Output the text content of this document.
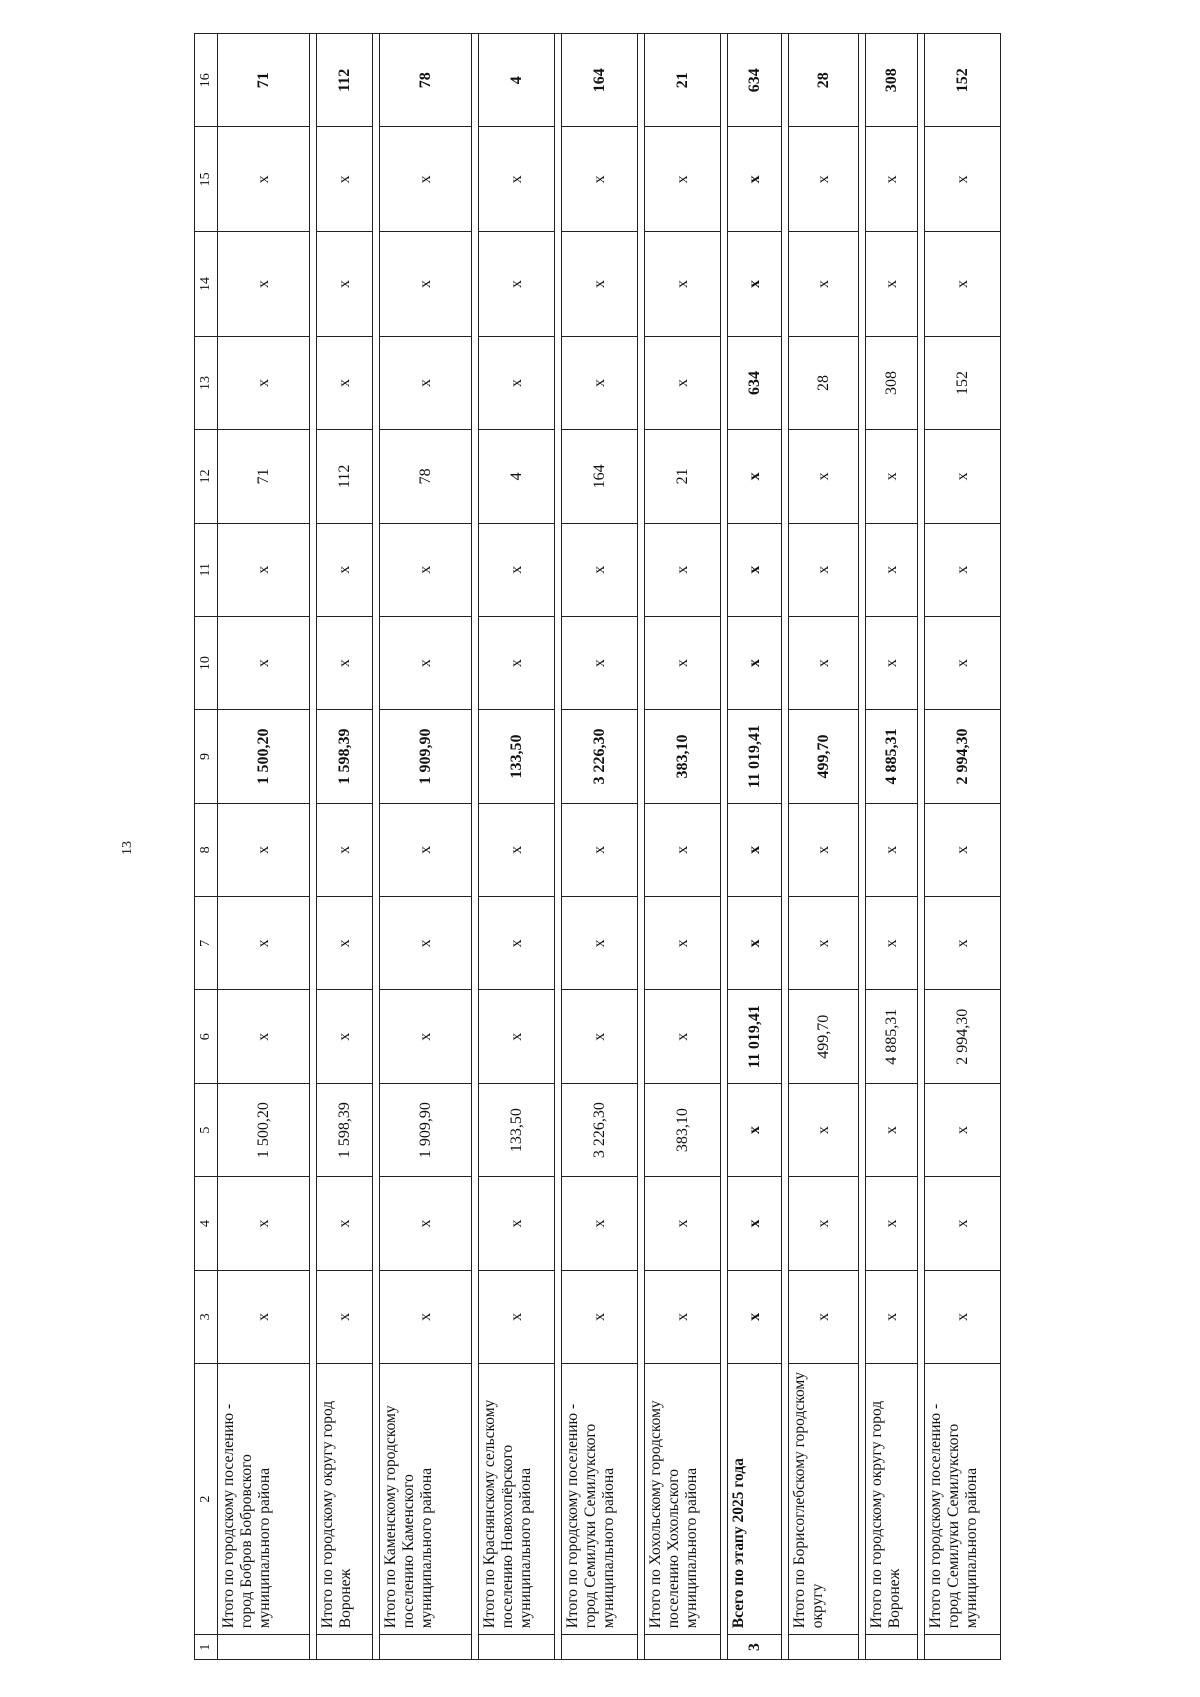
13
1	2	3	4	5	6	7	8	9	10	11	12	13	14	15	16
	Итого по городскому поселению - город Бобров Бобровского муниципального района	x	x	1 500,20	x	x	x	1 500,20	x	x	71	x	x	x	71

	Итого по городскому округу город Воронеж	x	x	1 598,39	x	x	x	1 598,39	x	x	112	x	x	x	112

	Итого по Каменскому городскому поселению Каменского муниципального района	x	x	1 909,90	x	x	x	1 909,90	x	x	78	x	x	x	78

	Итого по Краснянскому сельскому поселению Новохопёрского муниципального района	x	x	133,50	x	x	x	133,50	x	x	4	x	x	x	4

	Итого по городскому поселению - город Семилуки Семилукского муниципального района	x	x	3 226,30	x	x	x	3 226,30	x	x	164	x	x	x	164

	Итого по Хохольскому городскому поселению Хохольского муниципального района	x	x	383,10	x	x	x	383,10	x	x	21	x	x	x	21

3	Всего по этапу 2025 года	x	x	x	11 019,41	x	x	11 019,41	x	x	x	634	x	x	634

	Итого по Борисоглебскому городскому округу	x	x	x	499,70	x	x	499,70	x	x	x	28	x	x	28

	Итого по городскому округу город Воронеж	x	x	x	4 885,31	x	x	4 885,31	x	x	x	308	x	x	308

	Итого по городскому поселению - город Семилуки Семилукского муниципального района	x	x	x	2 994,30	x	x	2 994,30	x	x	x	152	x	x	152
